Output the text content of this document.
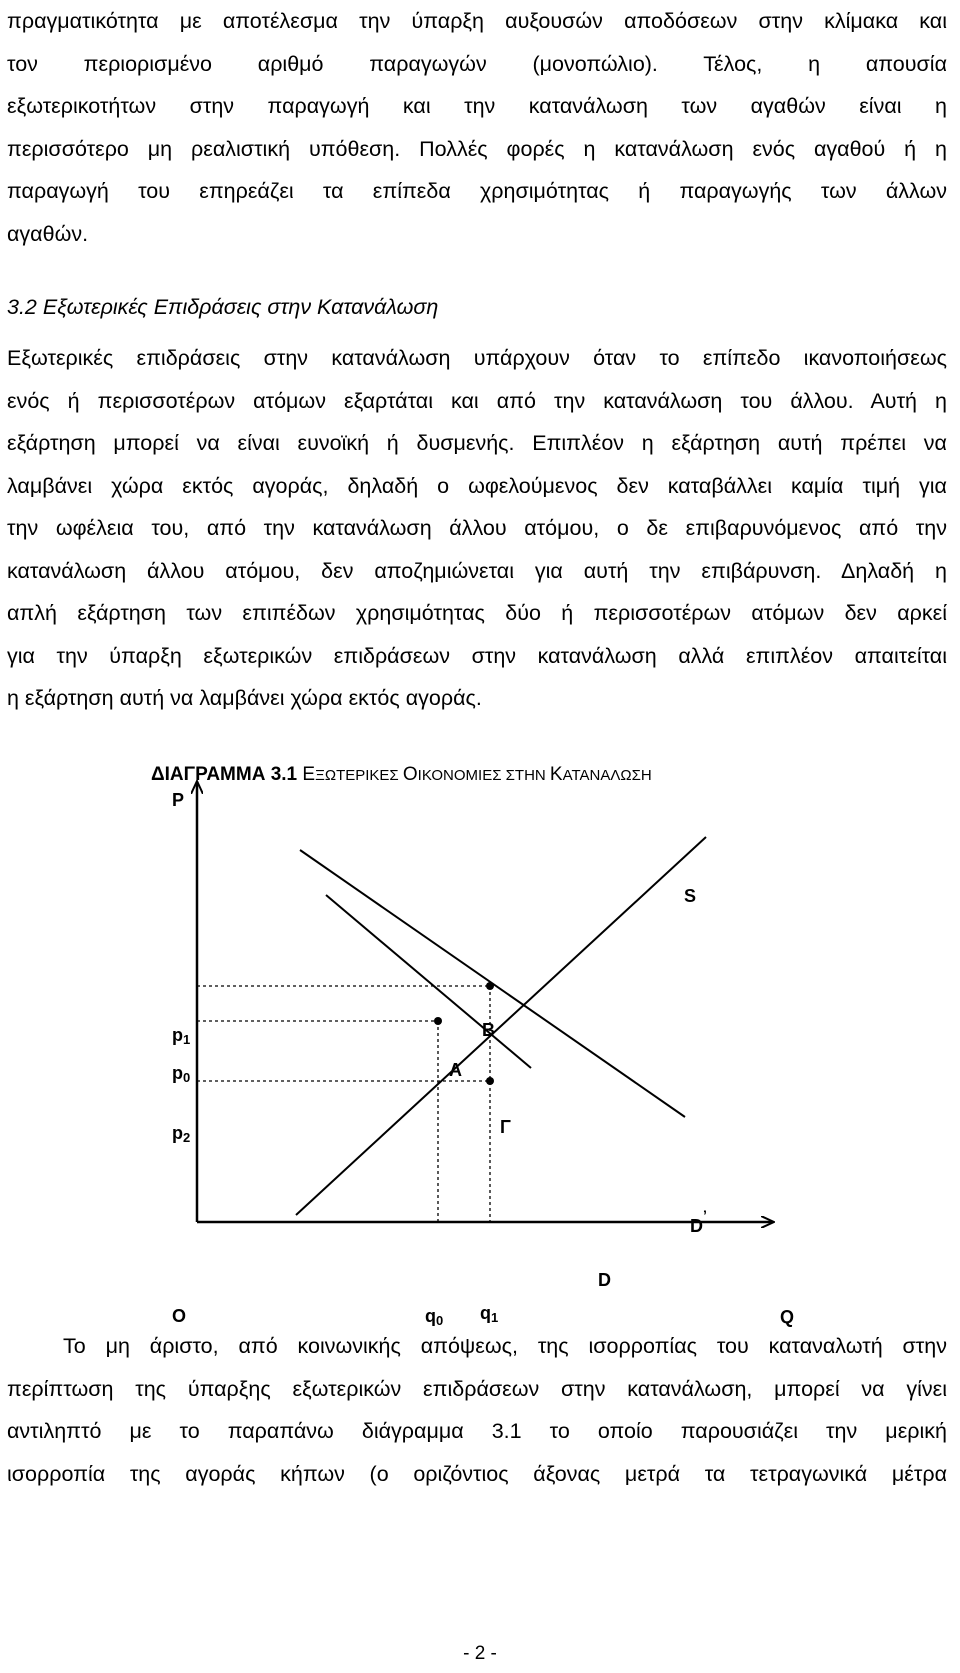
πραγματικότητα με αποτέλεσμα την ύπαρξη αυξουσών αποδόσεων στην κλίμακα και
τον περιορισμένο αριθμό παραγωγών (μονοπώλιο). Τέλος, η απουσία
εξωτερικοτήτων στην παραγωγή και την κατανάλωση των αγαθών είναι η
περισσότερο μη ρεαλιστική υπόθεση. Πολλές φορές η κατανάλωση ενός αγαθού ή η
παραγωγή του επηρεάζει τα επίπεδα χρησιμότητας ή παραγωγής των άλλων
αγαθών.
3.2 Εξωτερικές Επιδράσεις στην Κατανάλωση
Εξωτερικές επιδράσεις στην κατανάλωση υπάρχουν όταν το επίπεδο ικανοποιήσεως
ενός ή περισσοτέρων ατόμων εξαρτάται και από την κατανάλωση του άλλου. Αυτή η
εξάρτηση μπορεί να είναι ευνοϊκή ή δυσμενής. Επιπλέον η εξάρτηση αυτή πρέπει να
λαμβάνει χώρα εκτός αγοράς, δηλαδή ο ωφελούμενος δεν καταβάλλει καμία τιμή για
την ωφέλεια του, από την κατανάλωση άλλου ατόμου, ο δε επιβαρυνόμενος από την
κατανάλωση άλλου ατόμου, δεν αποζημιώνεται για αυτή την επιβάρυνση. Δηλαδή η
απλή εξάρτηση των επιπέδων χρησιμότητας δύο ή περισσοτέρων ατόμων δεν αρκεί
για την ύπαρξη εξωτερικών επιδράσεων στην κατανάλωση αλλά επιπλέον απαιτείται
η εξάρτηση αυτή να λαμβάνει χώρα εκτός αγοράς.
ΔΙΑΓΡΑΜΜΑ 3.1 ΕΞΩΤΕΡΙΚΕΣ ΟΙΚΟΝΟΜΙΕΣ ΣΤΗΝ ΚΑΤΑΝΑΛΩΣΗ
P
S
B
A
Γ
p1
p0
p2
D’
D
O	q0 q1	Q
Το μη άριστο, από κοινωνικής απόψεως, της ισορροπίας του καταναλωτή στην
περίπτωση της ύπαρξης εξωτερικών επιδράσεων στην κατανάλωση, μπορεί να γίνει
αντιληπτό με το παραπάνω διάγραμμα 3.1 το οποίο παρουσιάζει την μερική
ισορροπία της αγοράς κήπων (ο οριζόντιος άξονας μετρά τα τετραγωνικά μέτρα
- 2 -
